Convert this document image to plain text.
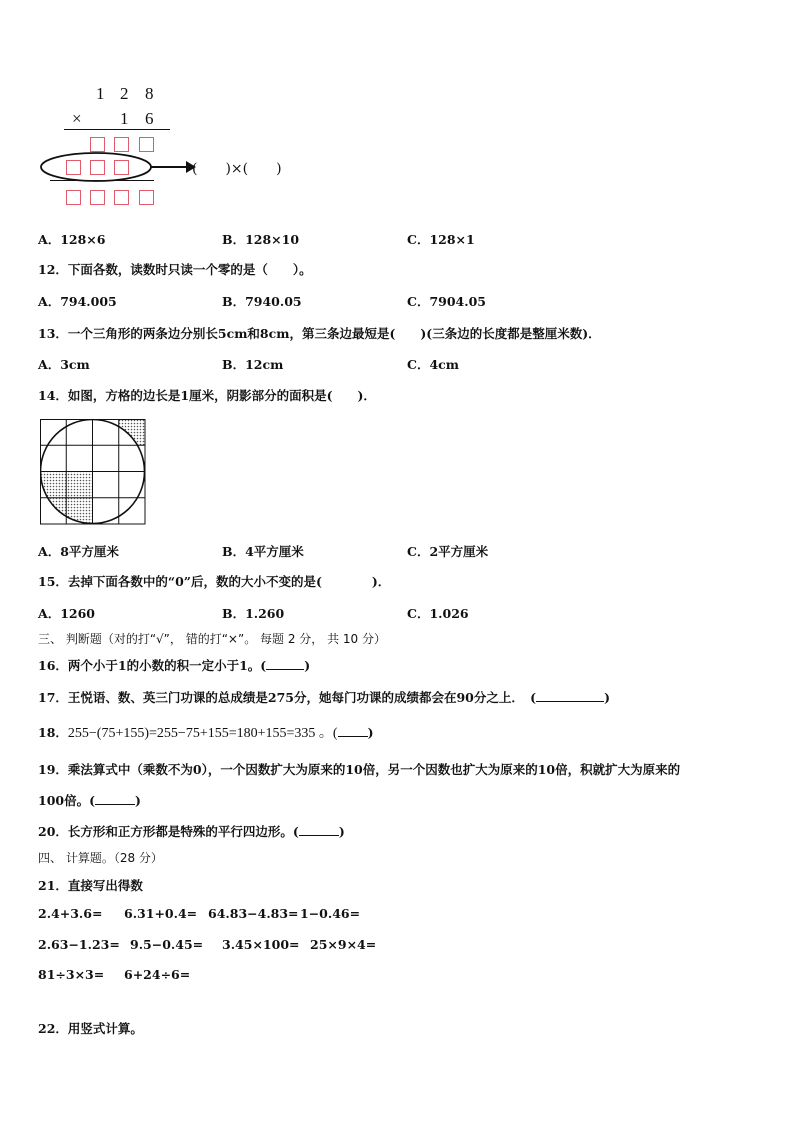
1 2 8
× 1 6
(　　)×(　　)
A．128×6	B．128×10	C．128×1
12．下面各数，读数时只读一个零的是（　　）。
A．794.005	B．7940.05	C．7904.05
13．一个三角形的两条边分别长5cm和8cm，第三条边最短是(　　)(三条边的长度都是整厘米数)．
A．3cm	B．12cm	C．4cm
14．如图，方格的边长是1厘米，阴影部分的面积是(　　)．
A．8平方厘米	B．4平方厘米	C．2平方厘米
15．去掉下面各数中的“0”后，数的大小不变的是(　　　　)．
A．1260	B．1.260	C．1.026
三、 判断题（对的打“√”， 错的打“×”。 每题 2 分， 共 10 分）
16．两个小于1的小数的积一定小于1。(	)
17．王悦语、数、英三门功课的总成绩是275分，她每门功课的成绩都会在90分之上．　(	)
18．255−(75+155)=255−75+155=180+155=335 。( )
19．乘法算式中（乘数不为0），一个因数扩大为原来的10倍，另一个因数也扩大为原来的10倍，积就扩大为原来的
100倍。(	)
20．长方形和正方形都是特殊的平行四边形。(	)
四、 计算题。（28 分）
21．直接写出得数
2.4+3.6= 6.31+0.4= 64.83−4.83= 1−0.46=
2.63−1.23= 9.5−0.45= 3.45×100= 25×9×4=
81÷3×3= 6+24÷6=
22．用竖式计算。
